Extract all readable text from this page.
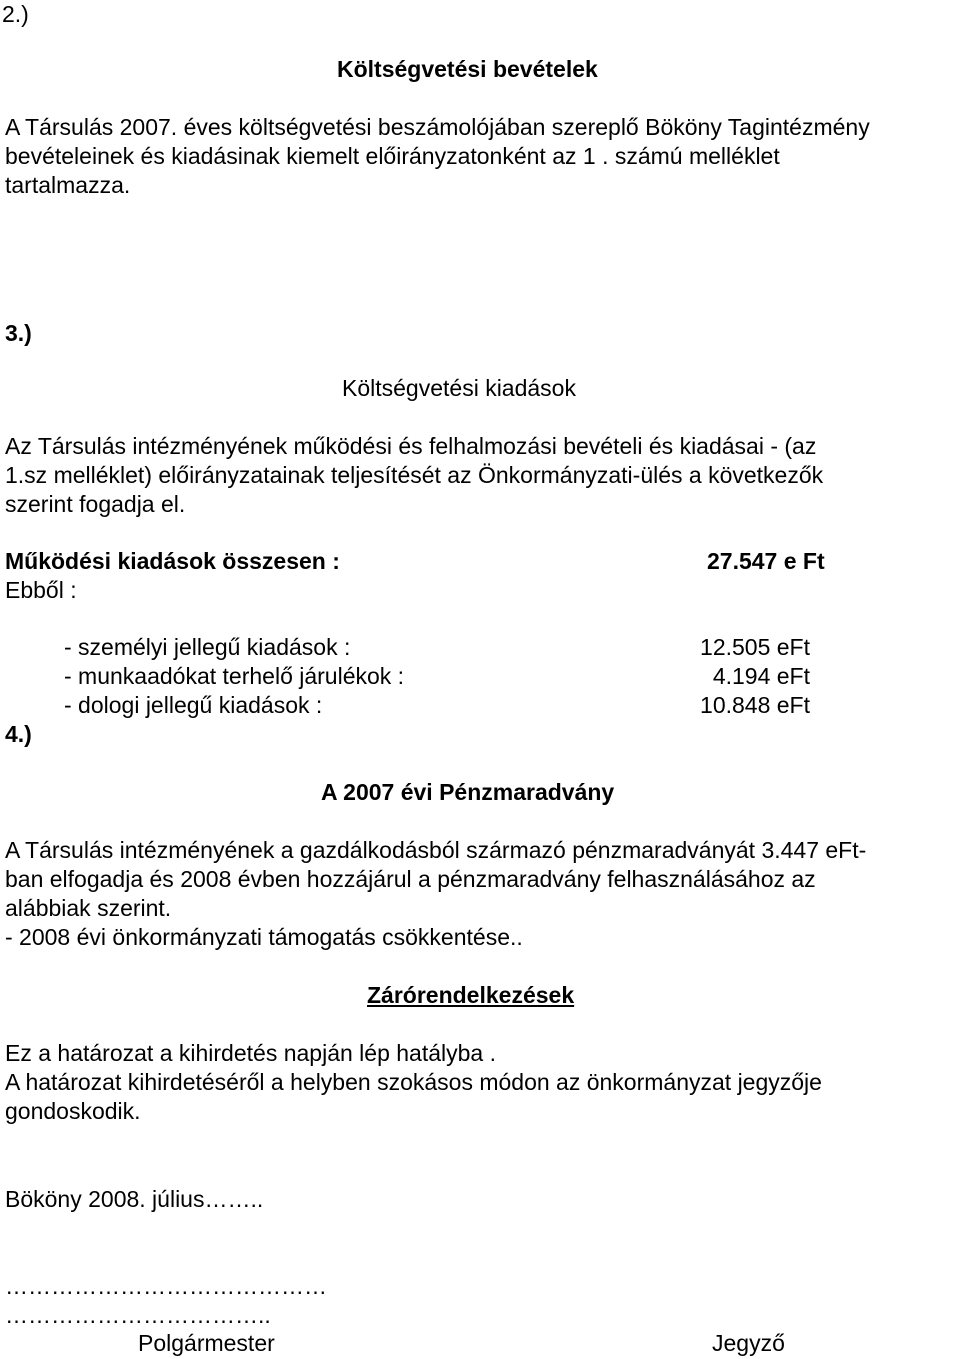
2.)
Költségvetési bevételek
A Társulás 2007. éves költségvetési beszámolójában szereplő Bököny Tagintézmény
bevételeinek és kiadásinak kiemelt előirányzatonként az 1 . számú melléklet
tartalmazza.
3.)
Költségvetési kiadások
Az Társulás intézményének működési és felhalmozási bevételi és kiadásai - (az
1.sz melléklet) előirányzatainak teljesítését az Önkormányzati-ülés a következők
szerint fogadja el.
Működési kiadások összesen :	27.547 e Ft
Ebből :
- személyi jellegű kiadások :	12.505 eFt
- munkaadókat terhelő járulékok :	4.194 eFt
- dologi jellegű kiadások :	10.848 eFt
4.)
A 2007 évi Pénzmaradvány
A Társulás intézményének a gazdálkodásból származó pénzmaradványát 3.447 eFt-
ban elfogadja és 2008 évben hozzájárul a pénzmaradvány felhasználásához az
alábbiak szerint.
- 2008 évi önkormányzati támogatás csökkentése..
Zárórendelkezések
Ez a határozat a kihirdetés napján lép hatályba .
A határozat kihirdetéséről a helyben szokásos módon az önkormányzat jegyzője
gondoskodik.
Bököny 2008. július……..
……………………………………
……………………………..
Polgármester	Jegyző
